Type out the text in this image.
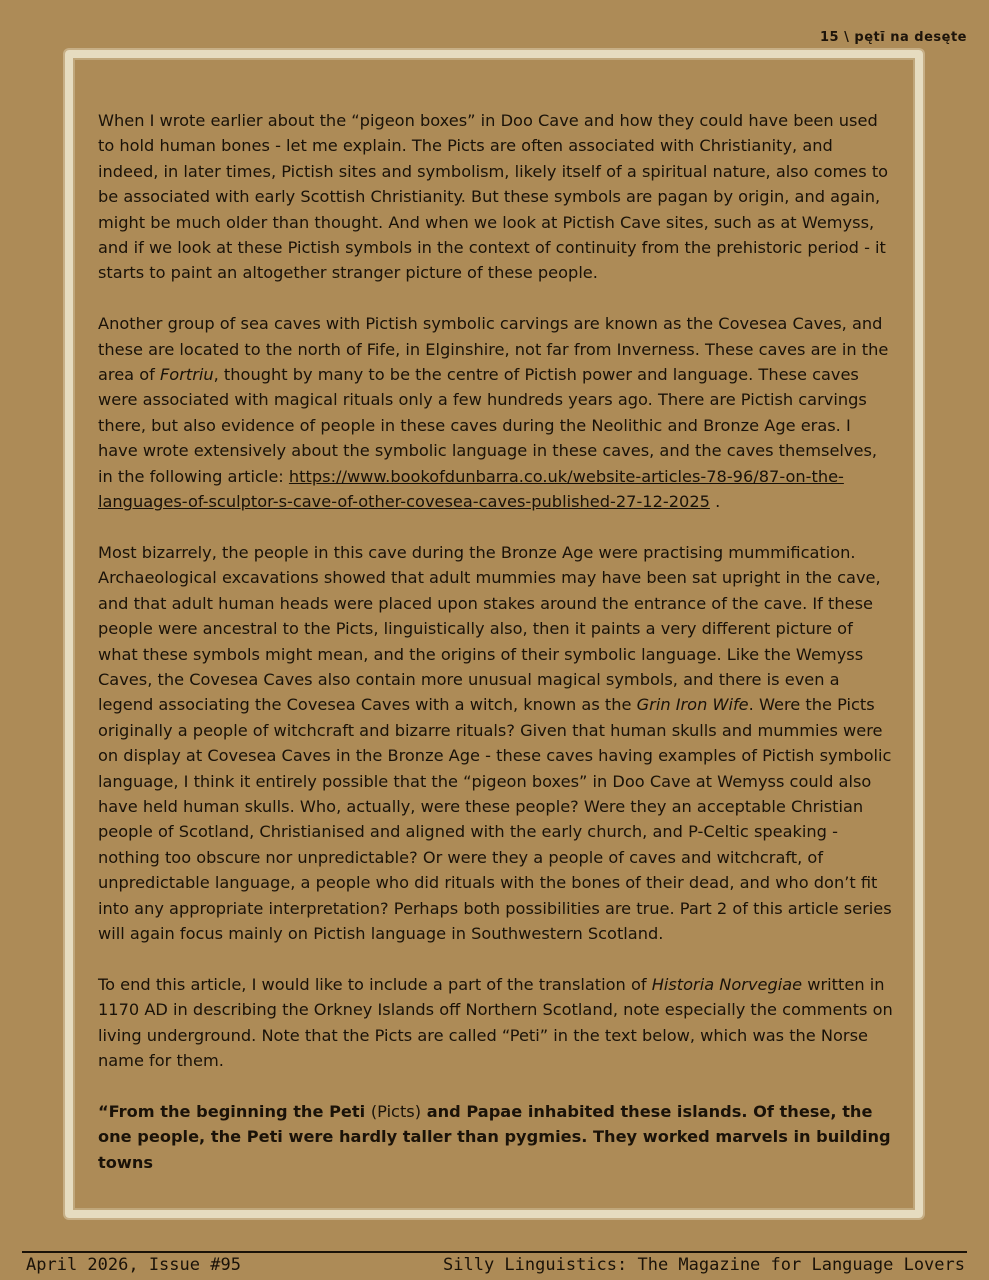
15 \ pętī na desęte

When I wrote earlier about the “pigeon boxes” in Doo Cave and how they could have been used to hold human bones - let me explain. The Picts are often associated with Christianity, and indeed, in later times, Pictish sites and symbolism, likely itself of a spiritual nature, also comes to be associated with early Scottish Christianity. But these symbols are pagan by origin, and again, might be much older than thought. And when we look at Pictish Cave sites, such as at Wemyss, and if we look at these Pictish symbols in the context of continuity from the prehistoric period - it starts to paint an altogether stranger picture of these people.

Another group of sea caves with Pictish symbolic carvings are known as the Covesea Caves, and these are located to the north of Fife, in Elginshire, not far from Inverness. These caves are in the area of Fortriu, thought by many to be the centre of Pictish power and language. These caves were associated with magical rituals only a few hundreds years ago. There are Pictish carvings there, but also evidence of people in these caves during the Neolithic and Bronze Age eras. I have wrote extensively about the symbolic language in these caves, and the caves themselves, in the following article: https://www.bookofdunbarra.co.uk/website-articles-78-96/87-on-the-languages-of-sculptor-s-cave-of-other-covesea-caves-published-27-12-2025 .

Most bizarrely, the people in this cave during the Bronze Age were practising mummification. Archaeological excavations showed that adult mummies may have been sat upright in the cave, and that adult human heads were placed upon stakes around the entrance of the cave. If these people were ancestral to the Picts, linguistically also, then it paints a very different picture of what these symbols might mean, and the origins of their symbolic language. Like the Wemyss Caves, the Covesea Caves also contain more unusual magical symbols, and there is even a legend associating the Covesea Caves with a witch, known as the Grin Iron Wife. Were the Picts originally a people of witchcraft and bizarre rituals? Given that human skulls and mummies were on display at Covesea Caves in the Bronze Age - these caves having examples of Pictish symbolic language, I think it entirely possible that the “pigeon boxes” in Doo Cave at Wemyss could also have held human skulls. Who, actually, were these people? Were they an acceptable Christian people of Scotland, Christianised and aligned with the early church, and P-Celtic speaking - nothing too obscure nor unpredictable? Or were they a people of caves and witchcraft, of unpredictable language, a people who did rituals with the bones of their dead, and who don’t fit into any appropriate interpretation? Perhaps both possibilities are true. Part 2 of this article series will again focus mainly on Pictish language in Southwestern Scotland.

To end this article, I would like to include a part of the translation of Historia Norvegiae written in 1170 AD in describing the Orkney Islands off Northern Scotland, note especially the comments on living underground. Note that the Picts are called “Peti” in the text below, which was the Norse name for them.

“From the beginning the Peti (Picts) and Papae inhabited these islands. Of these, the one people, the Peti were hardly taller than pygmies. They worked marvels in building towns

April 2026, Issue #95	Silly Linguistics: The Magazine for Language Lovers
